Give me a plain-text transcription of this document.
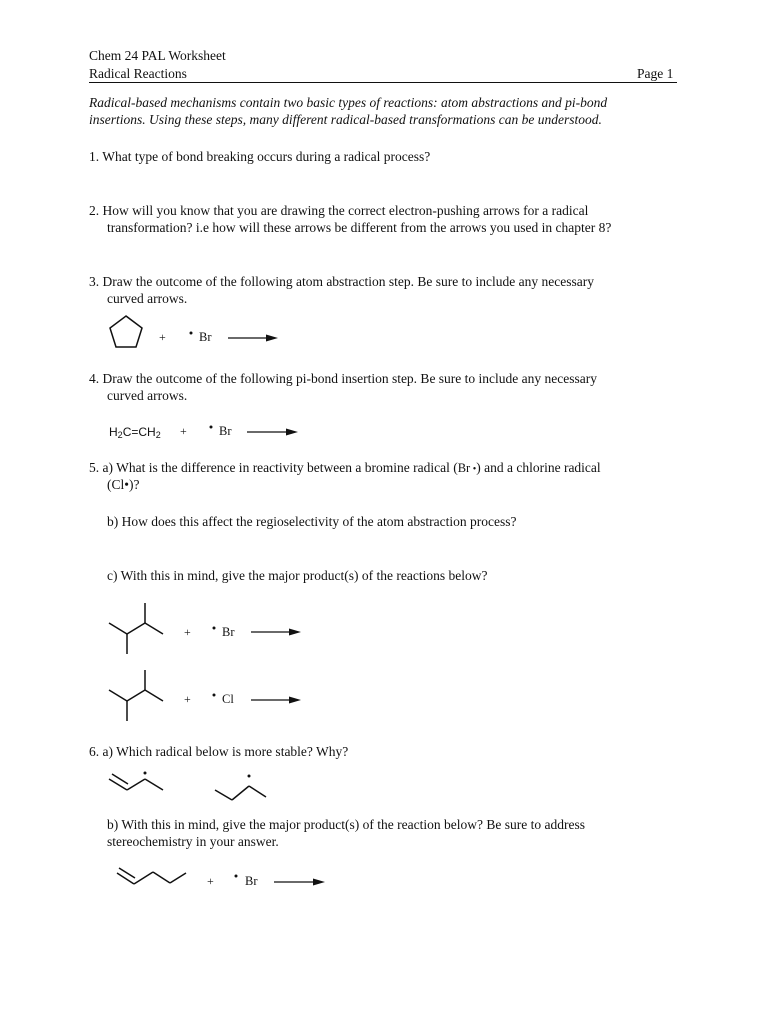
Chem 24 PAL Worksheet
Radical Reactions	Page 1
Radical-based mechanisms contain two basic types of reactions: atom abstractions and pi-bond
insertions. Using these steps, many different radical-based transformations can be understood.
1. What type of bond breaking occurs during a radical process?
2. How will you know that you are drawing the correct electron-pushing arrows for a radical
transformation? i.e how will these arrows be different from the arrows you used in chapter 8?
3. Draw the outcome of the following atom abstraction step. Be sure to include any necessary
curved arrows.
+	Br
4. Draw the outcome of the following pi-bond insertion step. Be sure to include any necessary
curved arrows.
$H_2C=CH_2$ +	Br
5. a) What is the difference in reactivity between a bromine radical (Br •) and a chlorine radical
(Cl•)?
b) How does this affect the regioselectivity of the atom abstraction process?
c) With this in mind, give the major product(s) of the reactions below?
+ Br
+ Cl
6. a) Which radical below is more stable? Why?
b) With this in mind, give the major product(s) of the reaction below? Be sure to address
stereochemistry in your answer.
+ Br
